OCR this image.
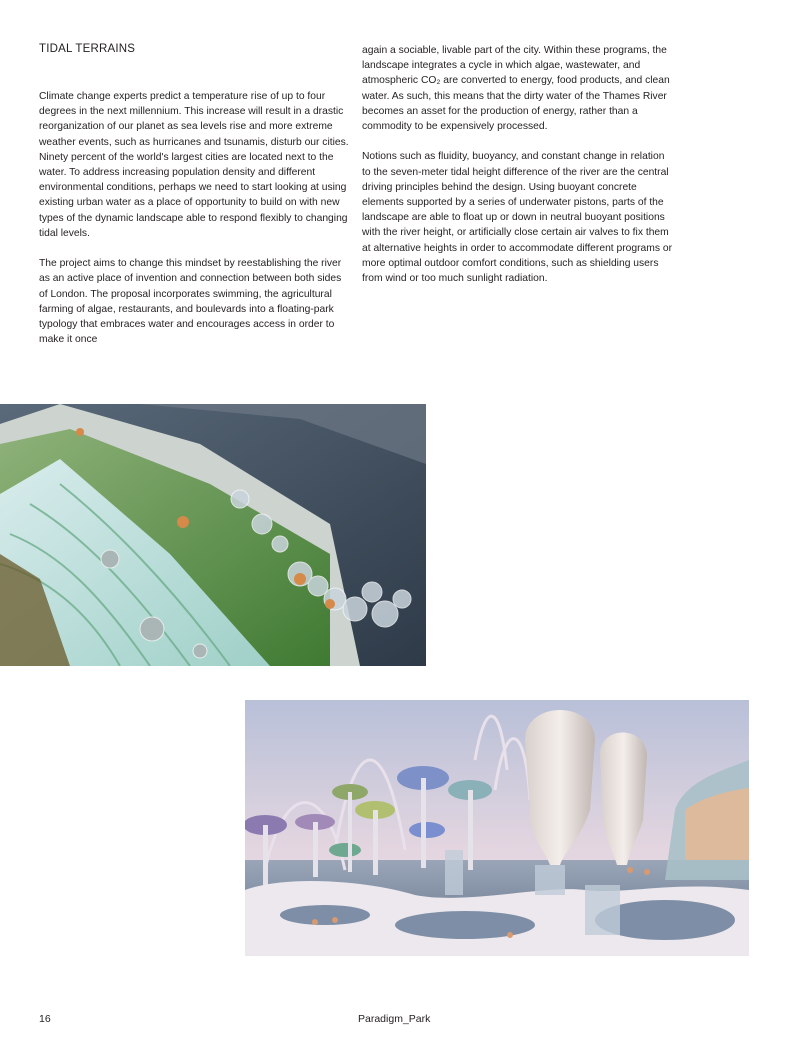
TIDAL TERRAINS

Climate change experts predict a temperature rise of up to four degrees in the next millennium. This increase will result in a drastic reorganization of our planet as sea levels rise and more extreme weather events, such as hurricanes and tsunamis, disturb our cities. Ninety percent of the world's largest cities are located next to the water. To address increasing population density and different environmental conditions, perhaps we need to start looking at using existing urban water as a place of opportunity to build on with new types of the dynamic landscape able to respond flexibly to changing tidal levels.

The project aims to change this mindset by reestablishing the river as an active place of invention and connection between both sides of London. The proposal incorporates swimming, the agricultural farming of algae, restaurants, and boulevards into a floating-park typology that embraces water and encourages access in order to make it once

again a sociable, livable part of the city. Within these programs, the landscape integrates a cycle in which algae, wastewater, and atmospheric CO₂ are converted to energy, food products, and clean water. As such, this means that the dirty water of the Thames River becomes an asset for the production of energy, rather than a commodity to be expensively processed.

Notions such as fluidity, buoyancy, and constant change in relation to the seven-meter tidal height difference of the river are the central driving principles behind the design. Using buoyant concrete elements supported by a series of underwater pistons, parts of the landscape are able to float up or down in neutral buoyant positions with the river height, or artificially close certain air valves to fix them at alternative heights in order to accommodate different programs or more optimal outdoor comfort conditions, such as shielding users from wind or too much sunlight radiation.

16	Paradigm_Park
